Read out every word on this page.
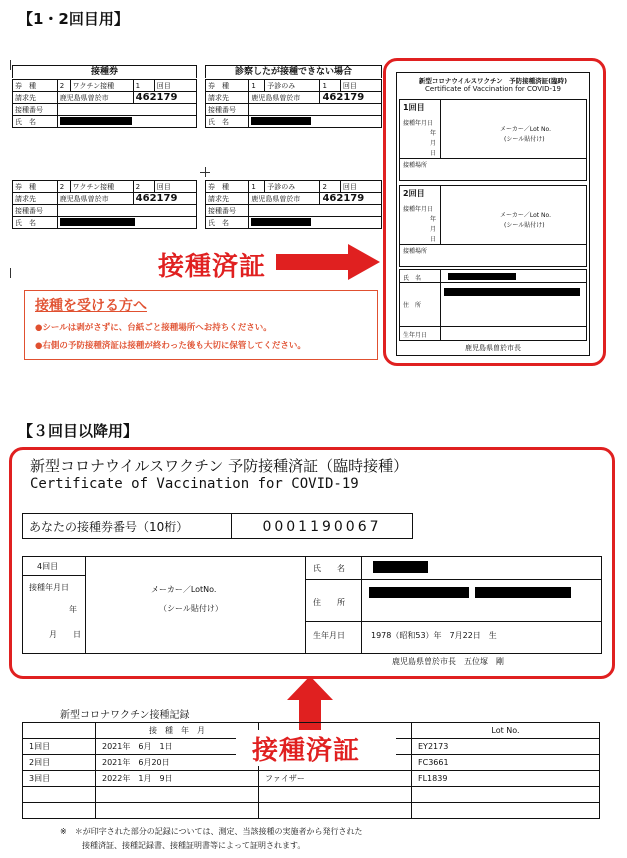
【1・2回目用】
接種券
券　種	2	ワクチン接種	1	回目
請求先	鹿児島県曽於市		462179	
接種番号				
氏　名				
診察したが接種できない場合
券　種	1	予診のみ	1	回目
請求先	鹿児島県曽於市		462179	
接種番号				
氏　名				
券　種	2	ワクチン接種	2	回目
請求先	鹿児島県曽於市		462179	
接種番号				
氏　名				
券　種	1	予診のみ	2	回目
請求先	鹿児島県曽於市		462179	
接種番号				
氏　名				
接種済証
接種を受ける方へ
●シールは剥がさずに、台紙ごと接種場所へお持ちください。
●右側の予防接種済証は接種が終わった後も大切に保管してください。
新型コロナウイルスワクチン　予防接種済証(臨時)
Certificate of Vaccination for COVID-19
1回目
接種年月日
年
月
日
接種場所
メーカー／Lot No.
(シール貼付け)
2回目
接種年月日
年
月
日
接種場所
メーカー／Lot No.
(シール貼付け)
氏　名
住　所
生年月日
鹿児島県曽於市長
【３回目以降用】
新型コロナウイルスワクチン 予防接種済証（臨時接種）
Certificate of Vaccination for COVID-19
あなたの接種券番号（10桁）	0001190067
4回目
接種年月日
年
月　　日
メーカー／LotNo.
（シール貼付け）
氏　　名
住　　所
生年月日	1978（昭和53）年　7月22日　生
鹿児島県曽於市長　五位塚　剛
新型コロナワクチン接種記録
	接　種　年　月		Lot No.
1回目	2021年　6月　1日		EY2173
2回目	2021年　6月20日		FC3661
3回目	2022年　1月　9日	ファイザー	FL1839

接種済証
※　＊が印字された部分の記録については、測定、当該接種の実施者から発行された
接種済証、接種記録書、接種証明書等によって証明されます。
